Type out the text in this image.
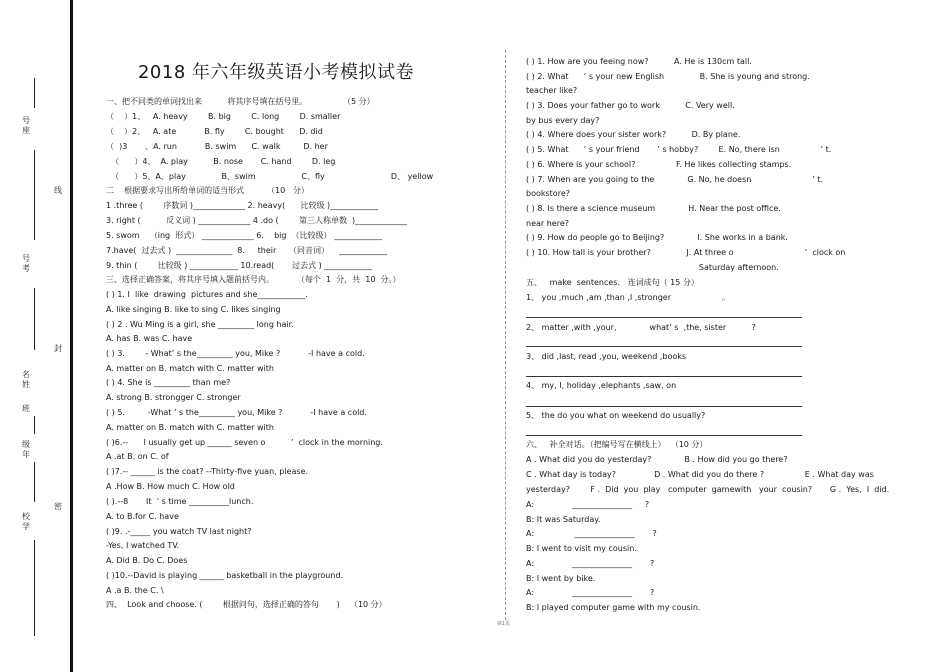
号
座
线
号
考
封
名
姓
班
级
年
密
校
学
2018 年六年级英语小考模拟试卷
一、把不同类的单词找出来          将其序号填在括号里。              （5 分）
（    ）1、   A. heavy        B. big        C. long        D. smaller
（    ）2、   A. ate           B. fly        C. bought      D. did
（  )3       、A. run           B. swim      C. walk         D. her
（      ）4、  A. play          B. nose       C. hand        D. leg
（      ）5、A、play              B、swim                  C、fly                          D、 yellow
二    根据要求写出所给单词的适当形式         （10   分）
1 .three (        序数词 )_____________ 2. heavy(      比较级 )____________
3. right (          反义词 ) _____________ 4 .do (        第三人称单数  )_____________
5. swom    （ing  形式） _____________ 6.    big  （比较级） ____________
7.have(  过去式 )  ______________  8.     their     （同音词）    ____________
9. thin (        比较级 ) ____________ 10.read(       过去式 ) ____________
三、选择正确答案，将其序号填入题前括号内。         （每个  1  分，共  10  分。）
( ) 1. I  like  drawing  pictures and she____________.
A. like singing B. like to sing C. likes singing
( ) 2 . Wu Ming is a girl, she _________ long hair.
A. has B. was C. have
( ) 3.        - What’ s the_________ you, Mike ?           -I have a cold.
A. matter on B. match with C. matter with
( ) 4. She is _________ than me?
A. strong B. strongger C. stronger
( ) 5.         -What ’ s the_________ you, Mike ?           -I have a cold.
A. matter on B. match with C. matter with
( )6.--      I usually get up ______ seven o          ’  clock in the morning.
A .at B. on C. of
( )7.-- ______ is the coat? --Thirty-five yuan, please.
A .How B. How much C. How old
( ).--8       It  ’ s time __________lunch.
A. to B.for C. have
( )9. .-_____ you watch TV last night?
-Yes, I watched TV.
A. Did B. Do C. Does
( )10.--David is playing ______ basketball in the playground.
A .a B. the C. \
四、  Look and choose. (        根据问句，选择正确的答句       )    （10 分）
( ) 1. How are you feeing now?          A. He is 130cm tall.
( ) 2. What      ’ s your new English              B. She is young and strong.
teacher like?
( ) 3. Does your father go to work          C. Very well.
by bus every day?
( ) 4. Where does your sister work?          D. By plane.
( ) 5. What      ’ s your friend       ’ s hobby?        E. No, there isn                ’ t.
( ) 6. Where is your school?                F. He likes collecting stamps.
( ) 7. When are you going to the             G. No, he doesn                        ’ t.
bookstore?
( ) 8. Is there a science museum             H. Near the post office.
near here?
( ) 9. How do people go to Beijing?             I. She works in a bank.
( ) 10. How tall is your brother?              J. At three o                            ’  clock on
Saturday afternoon.
五、   make  sentences.   连词成句（ 15 分）
1、 you ,much ,am ,than ,I ,stronger                    。
2、 matter ,with ,your,             what’ s  ,the, sister          ?
3、 did ,last, read ,you, weekend ,books
4、 my, I, holiday ,elephants ,saw, on
5、 the do you what on weekend do usually?
六、   补全对话。（把编号写在横线上）  （10 分）
A . What did you do yesterday?             B . How did you go there?
C . What day is today?               D . What did you do there ?                E . What day was
yesterday?        F .  Did  you  play   computer  gamewith   your  cousin?       G .  Yes,  I  did.
A:               _______________     ?
B: It was Saturday.
A:                _______________       ?
B: I went to visit my cousin.
A:               _______________       ?
B: I went by bike.
A:               _______________       ?
B: I played computer game with my cousin.
第1页
